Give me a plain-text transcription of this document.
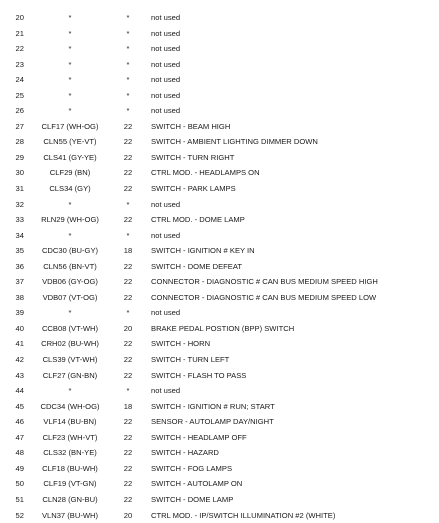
20	*	*	not used
21	*	*	not used
22	*	*	not used
23	*	*	not used
24	*	*	not used
25	*	*	not used
26	*	*	not used
27	CLF17 (WH-OG)	22	SWITCH - BEAM HIGH
28	CLN55 (YE-VT)	22	SWITCH - AMBIENT LIGHTING DIMMER DOWN
29	CLS41 (GY-YE)	22	SWITCH - TURN RIGHT
30	CLF29 (BN)	22	CTRL MOD. - HEADLAMPS ON
31	CLS34 (GY)	22	SWITCH - PARK LAMPS
32	*	*	not used
33	RLN29 (WH-OG)	22	CTRL MOD. - DOME LAMP
34	*	*	not used
35	CDC30 (BU-GY)	18	SWITCH - IGNITION # KEY IN
36	CLN56 (BN-VT)	22	SWITCH - DOME DEFEAT
37	VDB06 (GY-OG)	22	CONNECTOR - DIAGNOSTIC # CAN BUS MEDIUM SPEED HIGH
38	VDB07 (VT-OG)	22	CONNECTOR - DIAGNOSTIC # CAN BUS MEDIUM SPEED LOW
39	*	*	not used
40	CCB08 (VT-WH)	20	BRAKE PEDAL POSTION (BPP) SWITCH
41	CRH02 (BU-WH)	22	SWITCH - HORN
42	CLS39 (VT-WH)	22	SWITCH - TURN LEFT
43	CLF27 (GN-BN)	22	SWITCH - FLASH TO PASS
44	*	*	not used
45	CDC34 (WH-OG)	18	SWITCH - IGNITION # RUN; START
46	VLF14 (BU-BN)	22	SENSOR - AUTOLAMP DAY/NIGHT
47	CLF23 (WH-VT)	22	SWITCH - HEADLAMP OFF
48	CLS32 (BN-YE)	22	SWITCH - HAZARD
49	CLF18 (BU-WH)	22	SWITCH - FOG LAMPS
50	CLF19 (VT-GN)	22	SWITCH - AUTOLAMP ON
51	CLN28 (GN-BU)	22	SWITCH - DOME LAMP
52	VLN37 (BU-WH)	20	CTRL MOD. - IP/SWITCH ILLUMINATION #2 (WHITE)
